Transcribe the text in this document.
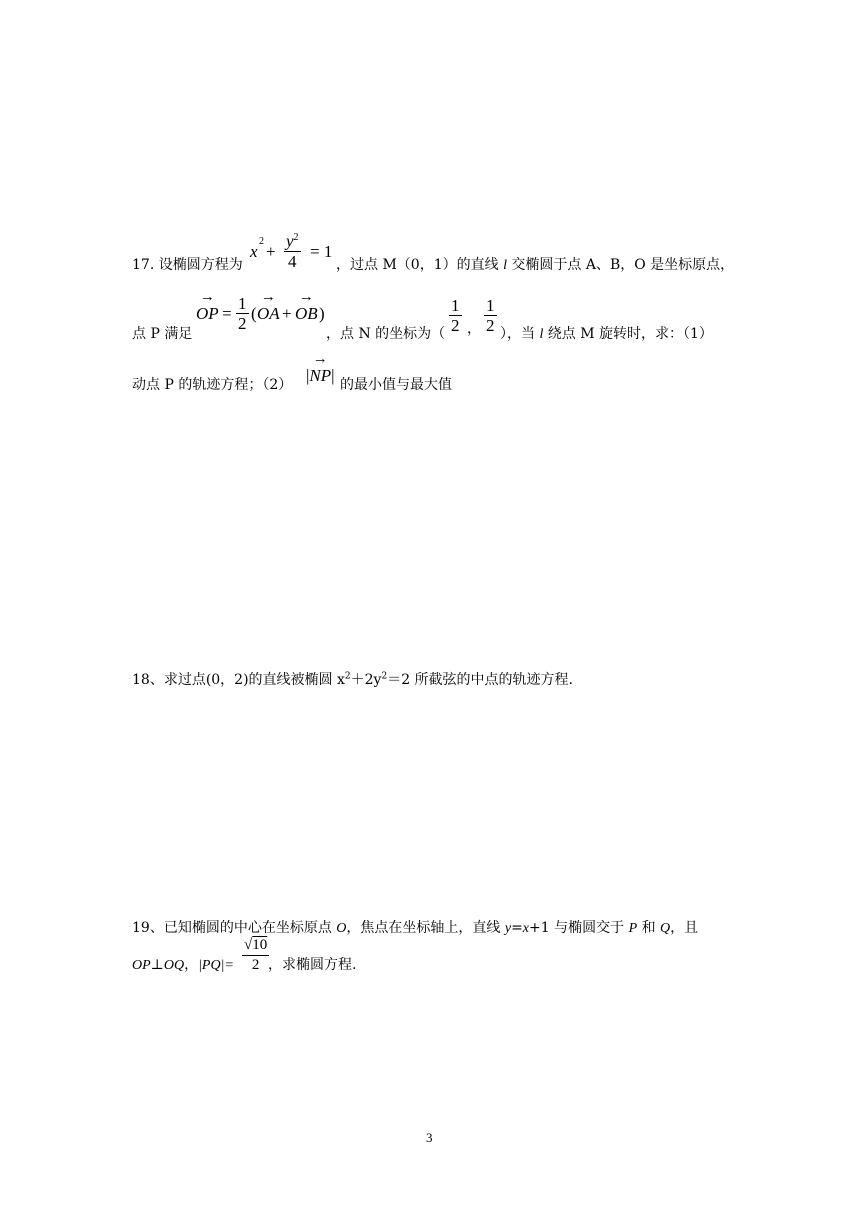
17. 设椭圆方程为
x
2
+
$y^2$
4
= 1
，过点 M（0，1）的直线 l 交椭圆于点 A、B，O 是坐标原点，
点 P 满足
→ OP =
1
2
( → OA + → OB )
，点 N 的坐标为（
1
2 ，
1
2 ），当 l 绕点 M 旋转时，求：（1）
动点 P 的轨迹方程；（2） |→ NP| 的最小值与最大值
18、求过点(0，2)的直线被椭圆 $x^2+2y^2=2$ 所截弦的中点的轨迹方程.
19、已知椭圆的中心在坐标原点 O，焦点在坐标轴上，直线 y=x+1 与椭圆交于 P 和 Q，且
OP⊥OQ，|PQ|=
√10
2 ，求椭圆方程.
3
